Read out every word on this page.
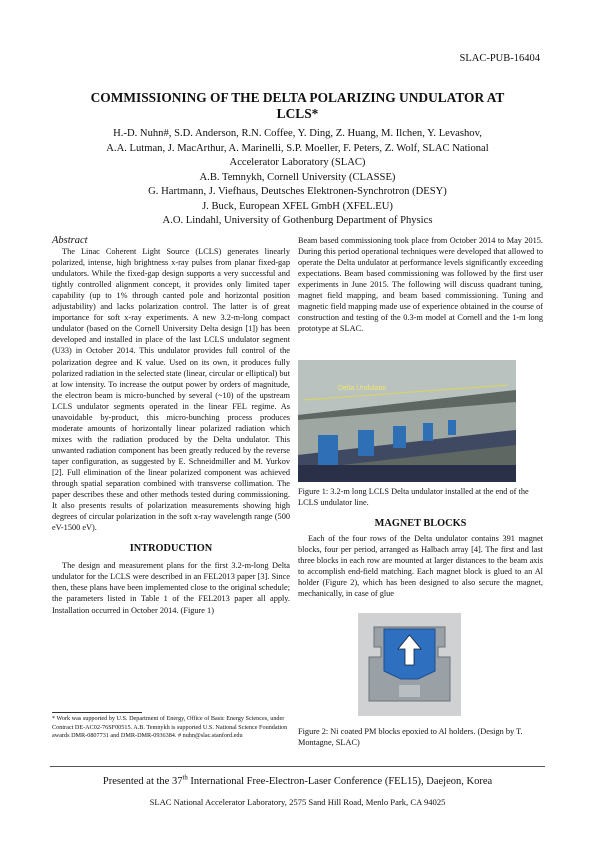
SLAC-PUB-16404
COMMISSIONING OF THE DELTA POLARIZING UNDULATOR AT
LCLS*
H.-D. Nuhn#, S.D. Anderson, R.N. Coffee, Y. Ding, Z. Huang, M. Ilchen, Y. Levashov,
A.A. Lutman, J. MacArthur, A. Marinelli, S.P. Moeller, F. Peters, Z. Wolf, SLAC National
Accelerator Laboratory (SLAC)
A.B. Temnykh, Cornell University (CLASSE)
G. Hartmann, J. Viefhaus, Deutsches Elektronen-Synchrotron (DESY)
J. Buck, European XFEL GmbH (XFEL.EU)
A.O. Lindahl, University of Gothenburg Department of Physics
Abstract

The Linac Coherent Light Source (LCLS) generates linearly polarized, intense, high brightness x-ray pulses from planar fixed-gap undulators. While the fixed-gap design supports a very successful and tightly controlled alignment concept, it provides only limited taper capability (up to 1% through canted pole and horizontal position adjustability) and lacks polarization control. The latter is of great importance for soft x-ray experiments. A new 3.2-m-long compact undulator (based on the Cornell University Delta design [1]) has been developed and installed in place of the last LCLS undulator segment (U33) in October 2014. This undulator provides full control of the polarization degree and K value. Used on its own, it produces fully polarized radiation in the selected state (linear, circular or elliptical) but at low intensity. To increase the output power by orders of magnitude, the electron beam is micro-bunched by several (~10) of the upstream LCLS undulator segments operated in the linear FEL regime. As unavoidable by-product, this micro-bunching process produces moderate amounts of horizontally linear polarized radiation which mixes with the radiation produced by the Delta undulator. This unwanted radiation component has been greatly reduced by the reverse taper configuration, as suggested by E. Schneidmiller and M. Yurkov [2]. Full elimination of the linear polarized component was achieved through spatial separation combined with transverse collimation. The paper describes these and other methods tested during commissioning. It also presents results of polarization measurements showing high degrees of circular polarization in the soft x-ray wavelength range (500 eV-1500 eV).

INTRODUCTION

The design and measurement plans for the first 3.2-m-long Delta undulator for the LCLS were described in an FEL2013 paper [3]. Since then, these plans have been implemented close to the original schedule; the parameters listed in Table 1 of the FEL2013 paper all apply. Installation occurred in October 2014. (Figure 1)

* Work was supported by U.S. Department of Energy, Office of Basic Energy Sciences, under Contract DE-AC02-76SF00515. A.B. Temnykh is supported U.S. National Science Foundation awards DMR-0807731 and DMR-DMR-0936384. # nuhn@slac.stanford.edu

Beam based commissioning took place from October 2014 to May 2015. During this period operational techniques were developed that allowed to operate the Delta undulator at performance levels significantly exceeding expectations. Beam based commissioning was followed by the first user experiments in June 2015. The following will discuss quadrant tuning, magnet field mapping, and beam based commissioning. Tuning and magnetic field mapping made use of experience obtained in the course of construction and testing of the 0.3-m model at Cornell and the 1-m long prototype at SLAC.

Delta Undulator
Figure 1: 3.2-m long LCLS Delta undulator installed at the end of the LCLS undulator line.
MAGNET BLOCKS

Each of the four rows of the Delta undulator contains 391 magnet blocks, four per period, arranged as Halbach array [4]. The first and last three blocks in each row are mounted at larger distances to the beam axis to accomplish end-field matching. Each magnet block is glued to an Al holder (Figure 2), which has been designed to also secure the magnet, mechanically, in case of glue

Figure 2: Ni coated PM blocks epoxied to Al holders. (Design by T. Montagne, SLAC)
Presented at the 37th International Free-Electron-Laser Conference (FEL15), Daejeon, Korea
SLAC National Accelerator Laboratory, 2575 Sand Hill Road, Menlo Park, CA 94025
